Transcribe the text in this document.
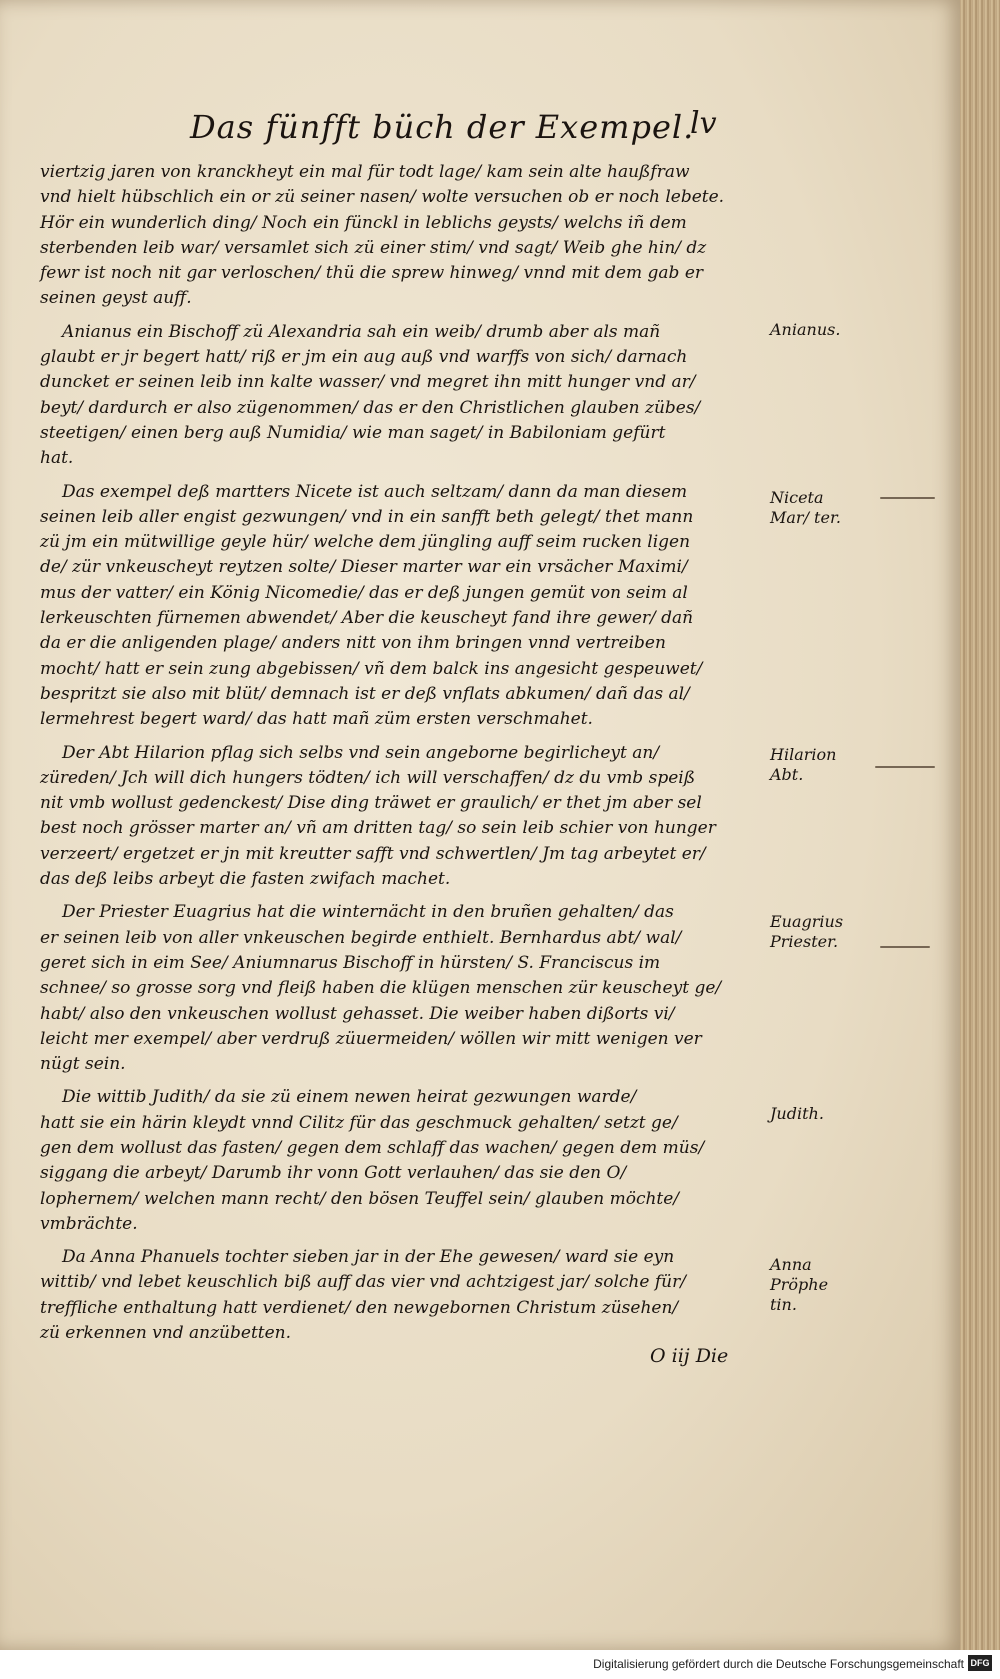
Das fünfft büch der Exempel.
lv
viertzig jaren von kranckheyt ein mal für todt lage/ kam sein alte haußfraw
vnd hielt hübschlich ein or zü seiner nasen/ wolte versuchen ob er noch lebete.
Hör ein wunderlich ding/ Noch ein fünckl in leblichs geysts/ welchs iñ dem
sterbenden leib war/ versamlet sich zü einer stim/ vnd sagt/ Weib ghe hin/ dz
fewr ist noch nit gar verloschen/ thü die sprew hinweg/ vnnd mit dem gab er
seinen geyst auff.
Anianus ein Bischoff zü Alexandria sah ein weib/ drumb aber als mañ
glaubt er jr begert hatt/ riß er jm ein aug auß vnd warffs von sich/ darnach
duncket er seinen leib inn kalte wasser/ vnd megret ihn mitt hunger vnd ar/
beyt/ dardurch er also zügenommen/ das er den Christlichen glauben zübes/
steetigen/ einen berg auß Numidia/ wie man saget/ in Babiloniam gefürt
hat.
Das exempel deß martters Nicete ist auch seltzam/ dann da man diesem
seinen leib aller engist gezwungen/ vnd in ein sanfft beth gelegt/ thet mann
zü jm ein mütwillige geyle hür/ welche dem jüngling auff seim rucken ligen
de/ zür vnkeuscheyt reytzen solte/ Dieser marter war ein vrsächer Maximi/
mus der vatter/ ein König Nicomedie/ das er deß jungen gemüt von seim al
lerkeuschten fürnemen abwendet/ Aber die keuscheyt fand ihre gewer/ dañ
da er die anligenden plage/ anders nitt von ihm bringen vnnd vertreiben
mocht/ hatt er sein zung abgebissen/ vñ dem balck ins angesicht gespeuwet/
bespritzt sie also mit blüt/ demnach ist er deß vnflats abkumen/ dañ das al/
lermehrest begert ward/ das hatt mañ züm ersten verschmahet.
Der Abt Hilarion pflag sich selbs vnd sein angeborne begirlicheyt an/
züreden/ Jch will dich hungers tödten/ ich will verschaffen/ dz du vmb speiß
nit vmb wollust gedenckest/ Dise ding träwet er graulich/ er thet jm aber sel
best noch grösser marter an/ vñ am dritten tag/ so sein leib schier von hunger
verzeert/ ergetzet er jn mit kreutter safft vnd schwertlen/ Jm tag arbeytet er/
das deß leibs arbeyt die fasten zwifach machet.
Der Priester Euagrius hat die winternächt in den bruñen gehalten/ das
er seinen leib von aller vnkeuschen begirde enthielt. Bernhardus abt/ wal/
geret sich in eim See/ Aniumnarus Bischoff in hürsten/ S. Franciscus im
schnee/ so grosse sorg vnd fleiß haben die klügen menschen zür keuscheyt ge/
habt/ also den vnkeuschen wollust gehasset. Die weiber haben dißorts vi/
leicht mer exempel/ aber verdruß züuermeiden/ wöllen wir mitt wenigen ver
nügt sein.
Die wittib Judith/ da sie zü einem newen heirat gezwungen warde/
hatt sie ein härin kleydt vnnd Cilitz für das geschmuck gehalten/ setzt ge/
gen dem wollust das fasten/ gegen dem schlaff das wachen/ gegen dem müs/
siggang die arbeyt/ Darumb ihr vonn Gott verlauhen/ das sie den O/
lophernem/ welchen mann recht/ den bösen Teuffel sein/ glauben möchte/
vmbrächte.
Da Anna Phanuels tochter sieben jar in der Ehe gewesen/ ward sie eyn
wittib/ vnd lebet keuschlich biß auff das vier vnd achtzigest jar/ solche für/
treffliche enthaltung hatt verdienet/ den newgebornen Christum züsehen/
zü erkennen vnd anzübetten.
O iij Die
Anianus.
Niceta Mar/ ter.
Hilarion Abt.
Euagrius Priester.
Judith.
Anna Pröphe tin.
Digitalisierung gefördert durch die Deutsche Forschungsgemeinschaft DFG
